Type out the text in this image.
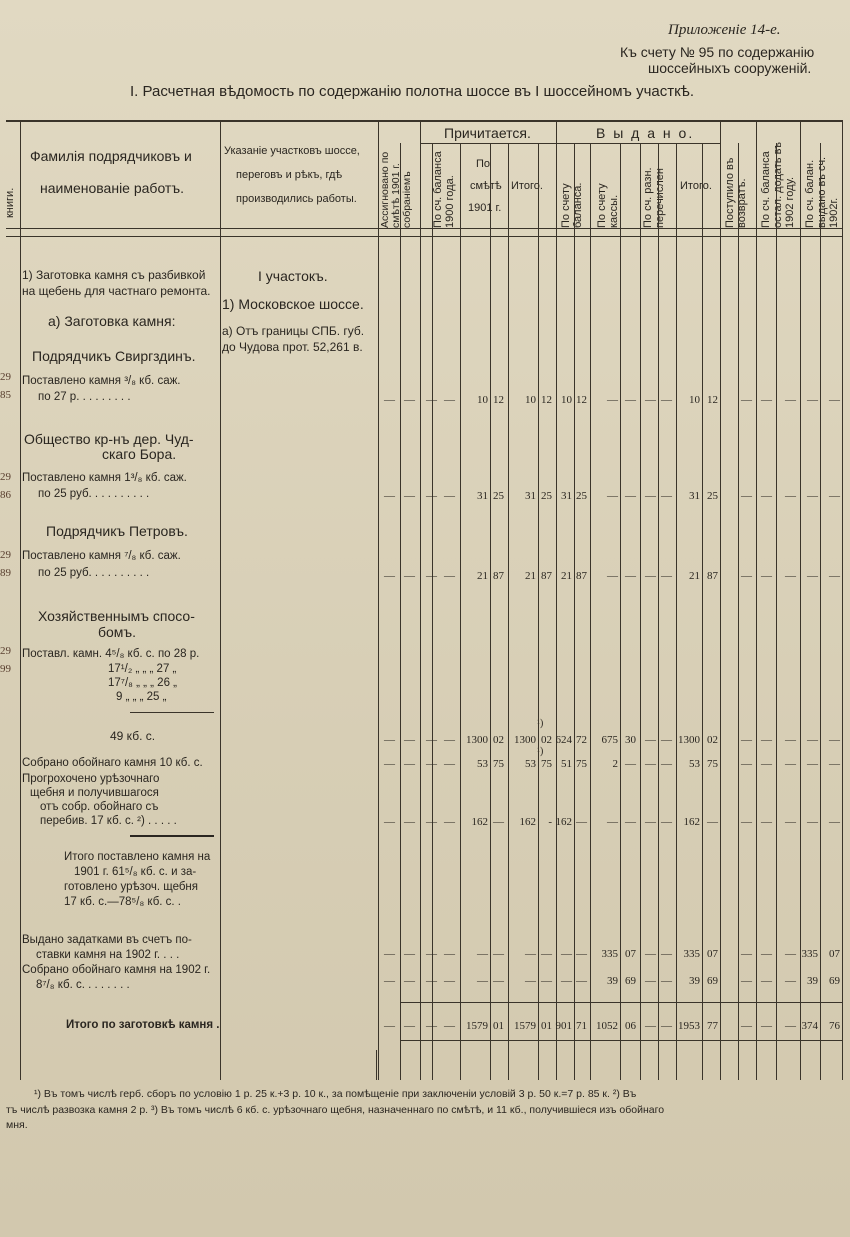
Приложеніе 14-е.
Къ счету № 95 по содержанію
шоссейныхъ сооруженій.
I. Расчетная вѣдомость по содержанію полотна шоссе въ I шоссейномъ участкѣ.
книги.
Фамилія подрядчиковъ и
наименованіе работъ.
Указаніе участковъ шоссе,
переговъ и рѣкъ, гдѣ
производились работы. Ассигновано по смѣтѣ 1901 г. собраніемъ
Причитается.
По сч. баланса 1900 года.
По
смѣтѣ
1901 г.
Итого.
В ы д а н о.
По счету баланса. По счету кассы. По сч. разн. перечислен Итого. Поступило въ возвратъ. По сч. баланса остал. додать въ 1902 году. По сч. балан. выдано въ сч. 1902г.
1) Заготовка камня съ разбивкой
на щебень для частнаго ремонта.
а) Заготовка камня:
Подрядчикъ Свиргздинъ.
I участокъ.
1) Московское шоссе.
а) Отъ границы СПБ. губ.
до Чудова прот. 52,261 в.
29
85
Поставлено камня ³/₈ кб. саж.
по 27 р. . . . . . . . .
Общество кр-нъ дер. Чуд-
скаго Бора.
29
86
Поставлено камня 1³/₈ кб. саж.
по 25 руб. . . . . . . . . .
Подрядчикъ Петровъ.
29
89
Поставлено камня ⁷/₈ кб. саж.
по 25 руб. . . . . . . . . .
Хозяйственнымъ спосо-
бомъ.
29
99
Поставл. камн. 4⁵/₈ кб. с. по 28 р.
17¹/₂ „ „ „ 27 „
17⁷/₈ „ „ „ 26 „
9 „ „ „ 25 „
49 кб. с.
¹)
Собрано обойнаго камня 10 кб. с.
¹)
Прогрохочено урѣзочнаго
щебня и получившагося
отъ собр. обойнаго съ
перебив. 17 кб. с. ²) . . . . .
Итого поставлено камня на
1901 г. 61⁵/₈ кб. с. и за-
готовлено урѣзоч. щебня
17 кб. с.—78⁵/₈ кб. с. .
Выдано задатками въ счетъ по-
ставки камня на 1902 г. . . .
Собрано обойнаго камня на 1902 г.
8⁷/₈ кб. с. . . . . . . .
Итого по заготовкѣ камня .
¹) Въ томъ числѣ герб. сборъ по условію 1 р. 25 к.+3 р. 10 к., за помѣщеніе при заключеніи условій 3 р. 50 к.=7 р. 85 к. ²) Въ
тъ числѣ развозка камня 2 р. ³) Въ томъ числѣ 6 кб. с. урѣзочнаго щебня, назначеннаго по смѣтѣ, и 11 кб., получившіеся изъ обойнаго
мня.
— — — — 10 12 10 12 10 12 — — — — 10 12 — — — — —
— — — — 31 25 31 25 31 25 — — — — 31 25 — — — — —
— — — — 21 87 21 87 21 87 — — — — 21 87 — — — — —
— — — — 1300 02 1300 02 624 72 675 30 — — 1300 02 — — — — —
— — — — 53 75 53 75 51 75 2 — — — 53 75 — — — — —
— — — — 162 — 162 - 162 — — — — — 162 — — — — — —
— — — — — — — — — — 335 07 — — 335 07 — — — 335 07
— — — — — — — — — — 39 69 — — 39 69 — — — 39 69
— — — — 1579 01 1579 01 901 71 1052 06 — — 1953 77 — — — 374 76
